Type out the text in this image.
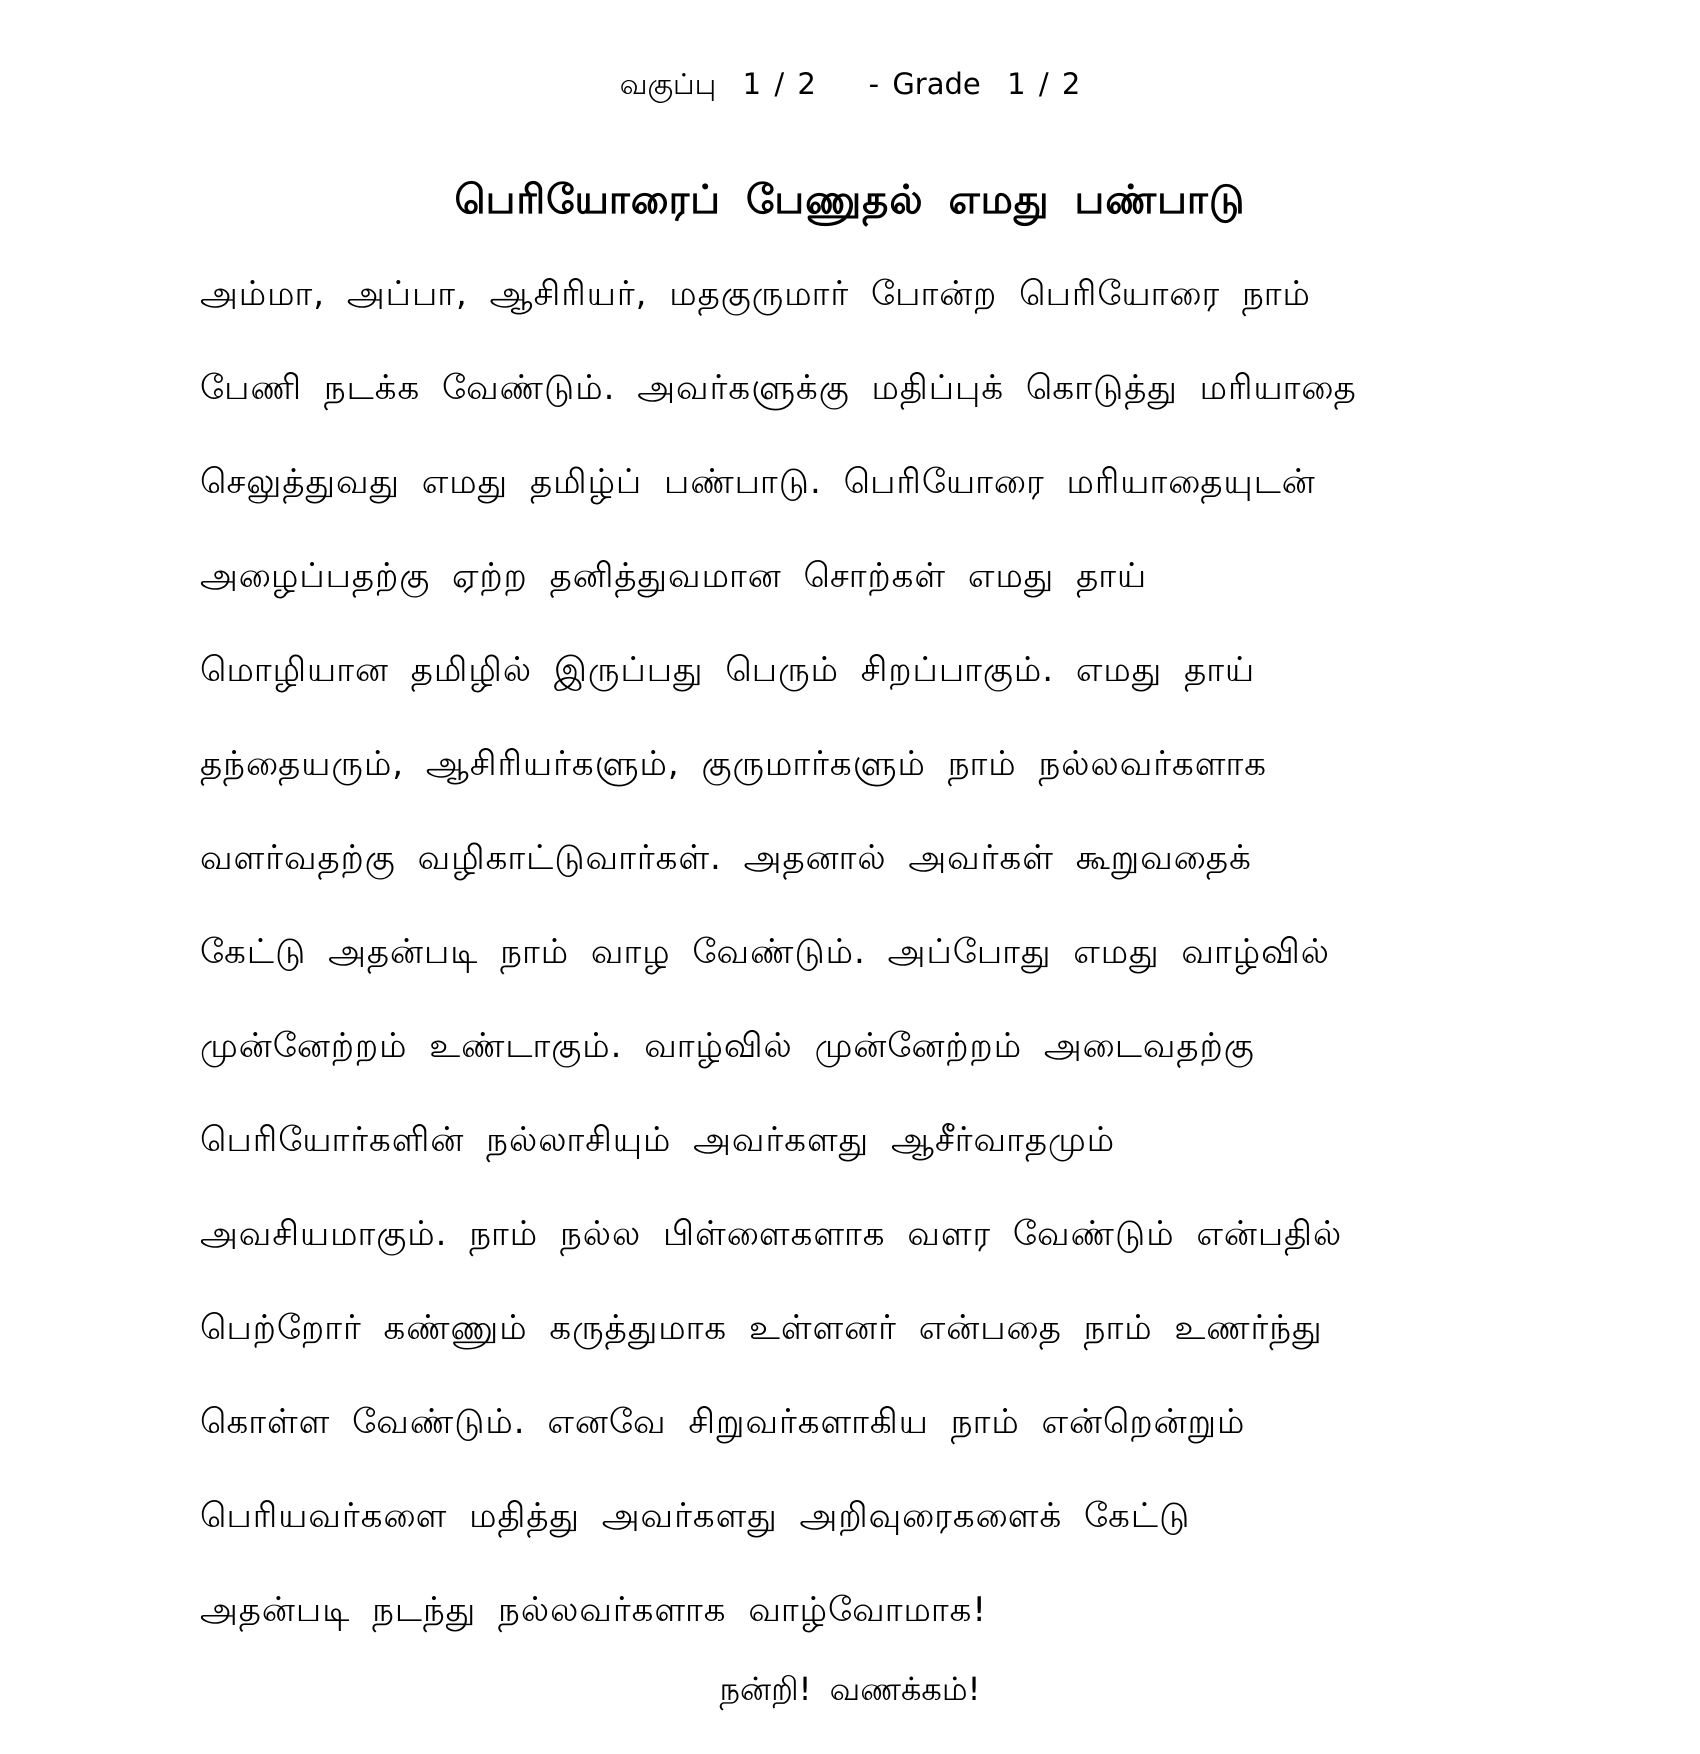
வகுப்பு  1 / 2    - Grade  1 / 2
பெரியோரைப் பேணுதல் எமது பண்பாடு
அம்மா, அப்பா, ஆசிரியர், மதகுருமார் போன்ற பெரியோரை நாம்
பேணி நடக்க வேண்டும். அவர்களுக்கு மதிப்புக் கொடுத்து மரியாதை
செலுத்துவது எமது தமிழ்ப் பண்பாடு. பெரியோரை மரியாதையுடன்
அழைப்பதற்கு ஏற்ற தனித்துவமான சொற்கள் எமது தாய்
மொழியான தமிழில் இருப்பது பெரும் சிறப்பாகும். எமது தாய்
தந்தையரும், ஆசிரியர்களும், குருமார்களும் நாம் நல்லவர்களாக
வளர்வதற்கு வழிகாட்டுவார்கள். அதனால் அவர்கள் கூறுவதைக்
கேட்டு அதன்படி நாம் வாழ வேண்டும். அப்போது எமது வாழ்வில்
முன்னேற்றம் உண்டாகும். வாழ்வில் முன்னேற்றம் அடைவதற்கு
பெரியோர்களின் நல்லாசியும் அவர்களது ஆசீர்வாதமும்
அவசியமாகும். நாம் நல்ல பிள்ளைகளாக வளர வேண்டும் என்பதில்
பெற்றோர் கண்ணும் கருத்துமாக உள்ளனர் என்பதை நாம் உணர்ந்து
கொள்ள வேண்டும். எனவே சிறுவர்களாகிய நாம் என்றென்றும்
பெரியவர்களை மதித்து அவர்களது அறிவுரைகளைக் கேட்டு
அதன்படி நடந்து நல்லவர்களாக வாழ்வோமாக!
நன்றி! வணக்கம்!
